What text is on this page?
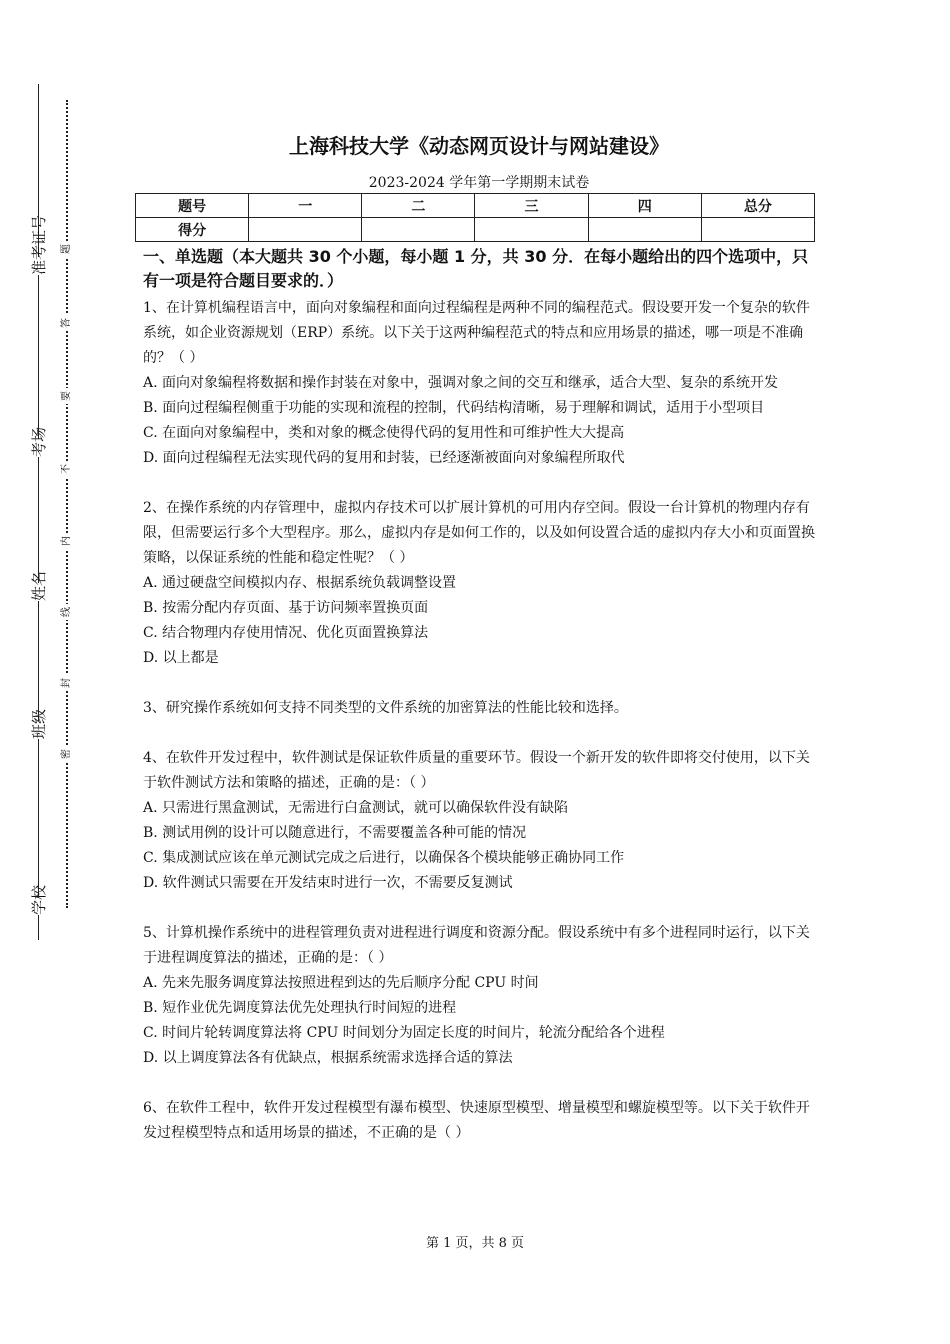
准考证号
考场
姓名
班级
学校
题
答
要
不
内
线
封
密
上海科技大学《动态网页设计与网站建设》
2023-2024 学年第一学期期末试卷
题号	一	二	三	四	总分
得分					
一、单选题（本大题共 30 个小题，每小题 1 分，共 30 分．在每小题给出的四个选项中，只有一项是符合题目要求的．）

1、在计算机编程语言中，面向对象编程和面向过程编程是两种不同的编程范式。假设要开发一个复杂的软件系统，如企业资源规划（ERP）系统。以下关于这两种编程范式的特点和应用场景的描述，哪一项是不准确的？（ ）

A. 面向对象编程将数据和操作封装在对象中，强调对象之间的交互和继承，适合大型、复杂的系统开发

B. 面向过程编程侧重于功能的实现和流程的控制，代码结构清晰，易于理解和调试，适用于小型项目

C. 在面向对象编程中，类和对象的概念使得代码的复用性和可维护性大大提高

D. 面向过程编程无法实现代码的复用和封装，已经逐渐被面向对象编程所取代

2、在操作系统的内存管理中，虚拟内存技术可以扩展计算机的可用内存空间。假设一台计算机的物理内存有限，但需要运行多个大型程序。那么，虚拟内存是如何工作的，以及如何设置合适的虚拟内存大小和页面置换策略，以保证系统的性能和稳定性呢？（ ）

A. 通过硬盘空间模拟内存、根据系统负载调整设置

B. 按需分配内存页面、基于访问频率置换页面

C. 结合物理内存使用情况、优化页面置换算法

D. 以上都是

3、研究操作系统如何支持不同类型的文件系统的加密算法的性能比较和选择。

4、在软件开发过程中，软件测试是保证软件质量的重要环节。假设一个新开发的软件即将交付使用，以下关于软件测试方法和策略的描述，正确的是：（ ）

A. 只需进行黑盒测试，无需进行白盒测试，就可以确保软件没有缺陷

B. 测试用例的设计可以随意进行，不需要覆盖各种可能的情况

C. 集成测试应该在单元测试完成之后进行，以确保各个模块能够正确协同工作

D. 软件测试只需要在开发结束时进行一次，不需要反复测试

5、计算机操作系统中的进程管理负责对进程进行调度和资源分配。假设系统中有多个进程同时运行，以下关于进程调度算法的描述，正确的是：（ ）

A. 先来先服务调度算法按照进程到达的先后顺序分配 CPU 时间

B. 短作业优先调度算法优先处理执行时间短的进程

C. 时间片轮转调度算法将 CPU 时间划分为固定长度的时间片，轮流分配给各个进程

D. 以上调度算法各有优缺点，根据系统需求选择合适的算法

6、在软件工程中，软件开发过程模型有瀑布模型、快速原型模型、增量模型和螺旋模型等。以下关于软件开发过程模型特点和适用场景的描述，不正确的是（ ）

第 1 页，共 8 页
